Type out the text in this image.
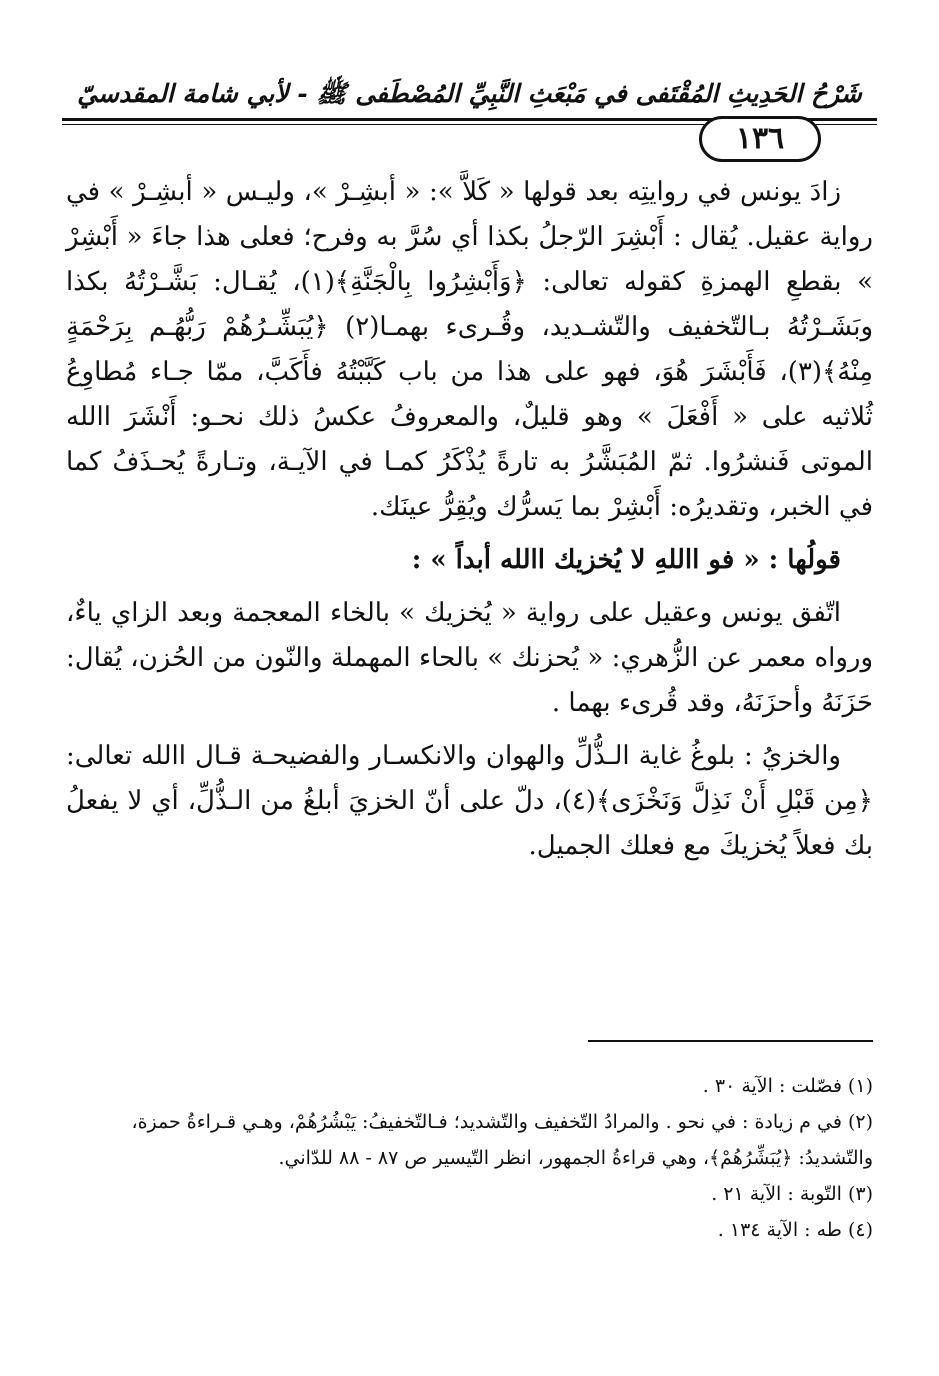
شَرْحُ الحَدِيثِ المُقْتَفى في مَبْعَثِ النَّبِيِّ المُصْطَفى ﷺ - لأبي شامة المقدسيّ
١٣٦

زادَ يونس في روايتِه بعد قولها « كَلاَّ »: « أبشِـرْ »، وليـس « أبشِـرْ » في رواية عقيل. يُقال : أَبْشِرَ الرّجلُ بكذا أي سُرَّ به وفرح؛ فعلى هذا جاءَ « أَبْشِرْ » بقطعِ الهمزةِ كقوله تعالى: ﴿وَأَبْشِرُوا بِالْجَنَّةِ﴾(١)، يُقـال: بَشَّـرْتُهُ بكذا وبَشَـرْتُهُ بـالتّخفيف والتّشـديد، وقُـرىء بهمـا(٢) ﴿يُبَشِّـرُهُمْ رَبُّهُـم بِرَحْمَةٍ مِنْهُ﴾(٣)، فَأَبْشَرَ هُوَ، فهو على هذا من باب كَبَّبْتُهُ فأَكَبَّ، ممّا جـاء مُطاوِعُ ثُلاثيه على « أَفْعَلَ » وهو قليلٌ، والمعروفُ عكسُ ذلك نحـو: أَنْشَرَ االله الموتى فَنشرُوا. ثمّ المُبَشَّرُ به تارةً يُذْكَرُ كمـا في الآيـة، وتـارةً يُحـذَفُ كما في الخبر، وتقديرُه: أَبْشِرْ بما يَسرُّك ويُقِرُّ عينَك.

قولُها : « فو االلهِ لا يُخزيك االله أبداً » :

اتّفق يونس وعقيل على رواية « يُخزيك » بالخاء المعجمة وبعد الزاي ياءٌ، ورواه معمر عن الزُّهري: « يُحزنك » بالحاء المهملة والنّون من الحُزن، يُقال: حَزَنَهُ وأحزَنَهُ، وقد قُرىء بهما .

والخزيُ : بلوغُ غاية الـذُّلِّ والهوان والانكسـار والفضيحـة قـال االله تعالى: ﴿مِن قَبْلِ أَنْ نَذِلَّ وَنَخْزَى﴾(٤)، دلّ على أنّ الخزيَ أبلغُ من الـذُّلِّ، أي لا يفعلُ بك فعلاً يُخزيكَ مع فعلك الجميل.

(١) فصّلت : الآية ٣٠ .

(٢) في م زيادة : في نحو . والمرادُ التّخفيف والتّشديد؛ فـالتّخفيفُ: يَبْشُرُهُمْ، وهـي قـراءةُ حمزة، والتّشديدُ: ﴿يُبَشِّرُهُمْ﴾، وهي قراءةُ الجمهور، انظر التّيسير ص ٨٧ - ٨٨ للدّاني.

(٣) التّوبة : الآية ٢١ .

(٤) طه : الآية ١٣٤ .
